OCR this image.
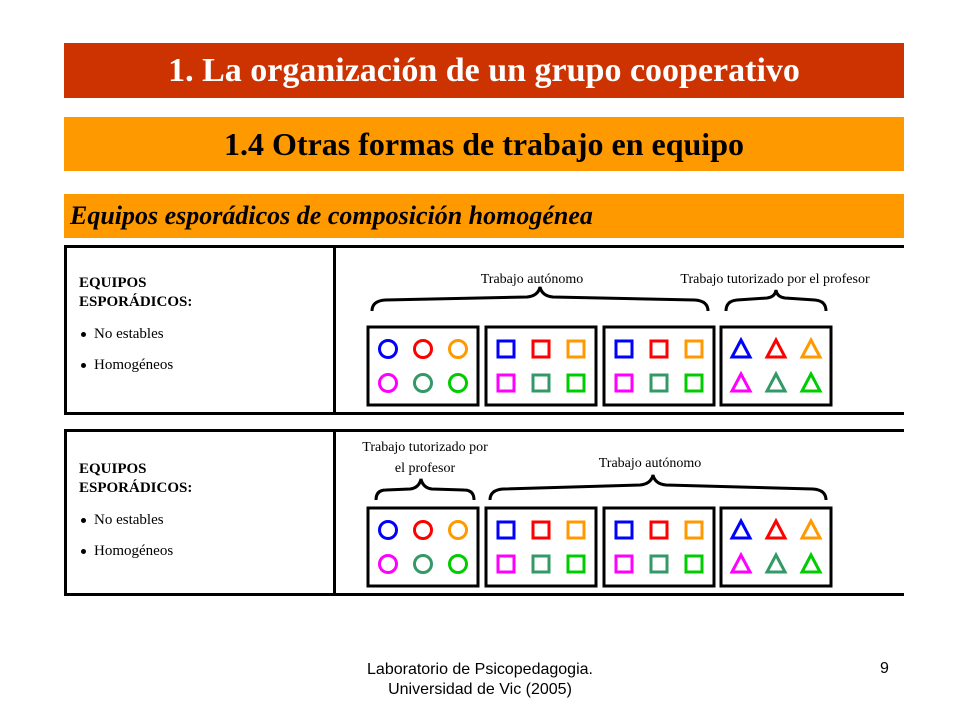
1. La organización de un grupo cooperativo
1.4 Otras formas de trabajo en equipo
Equipos esporádicos de composición homogénea
EQUIPOS
ESPORÁDICOS:
No estables
Homogéneos
EQUIPOS
ESPORÁDICOS:
No estables
Homogéneos
Trabajo autónomo	Trabajo tutorizado por el profesor
Trabajo tutorizado por
el profesor	Trabajo autónomo
Laboratorio de Psicopedagogia.
Universidad de Vic (2005)
9
